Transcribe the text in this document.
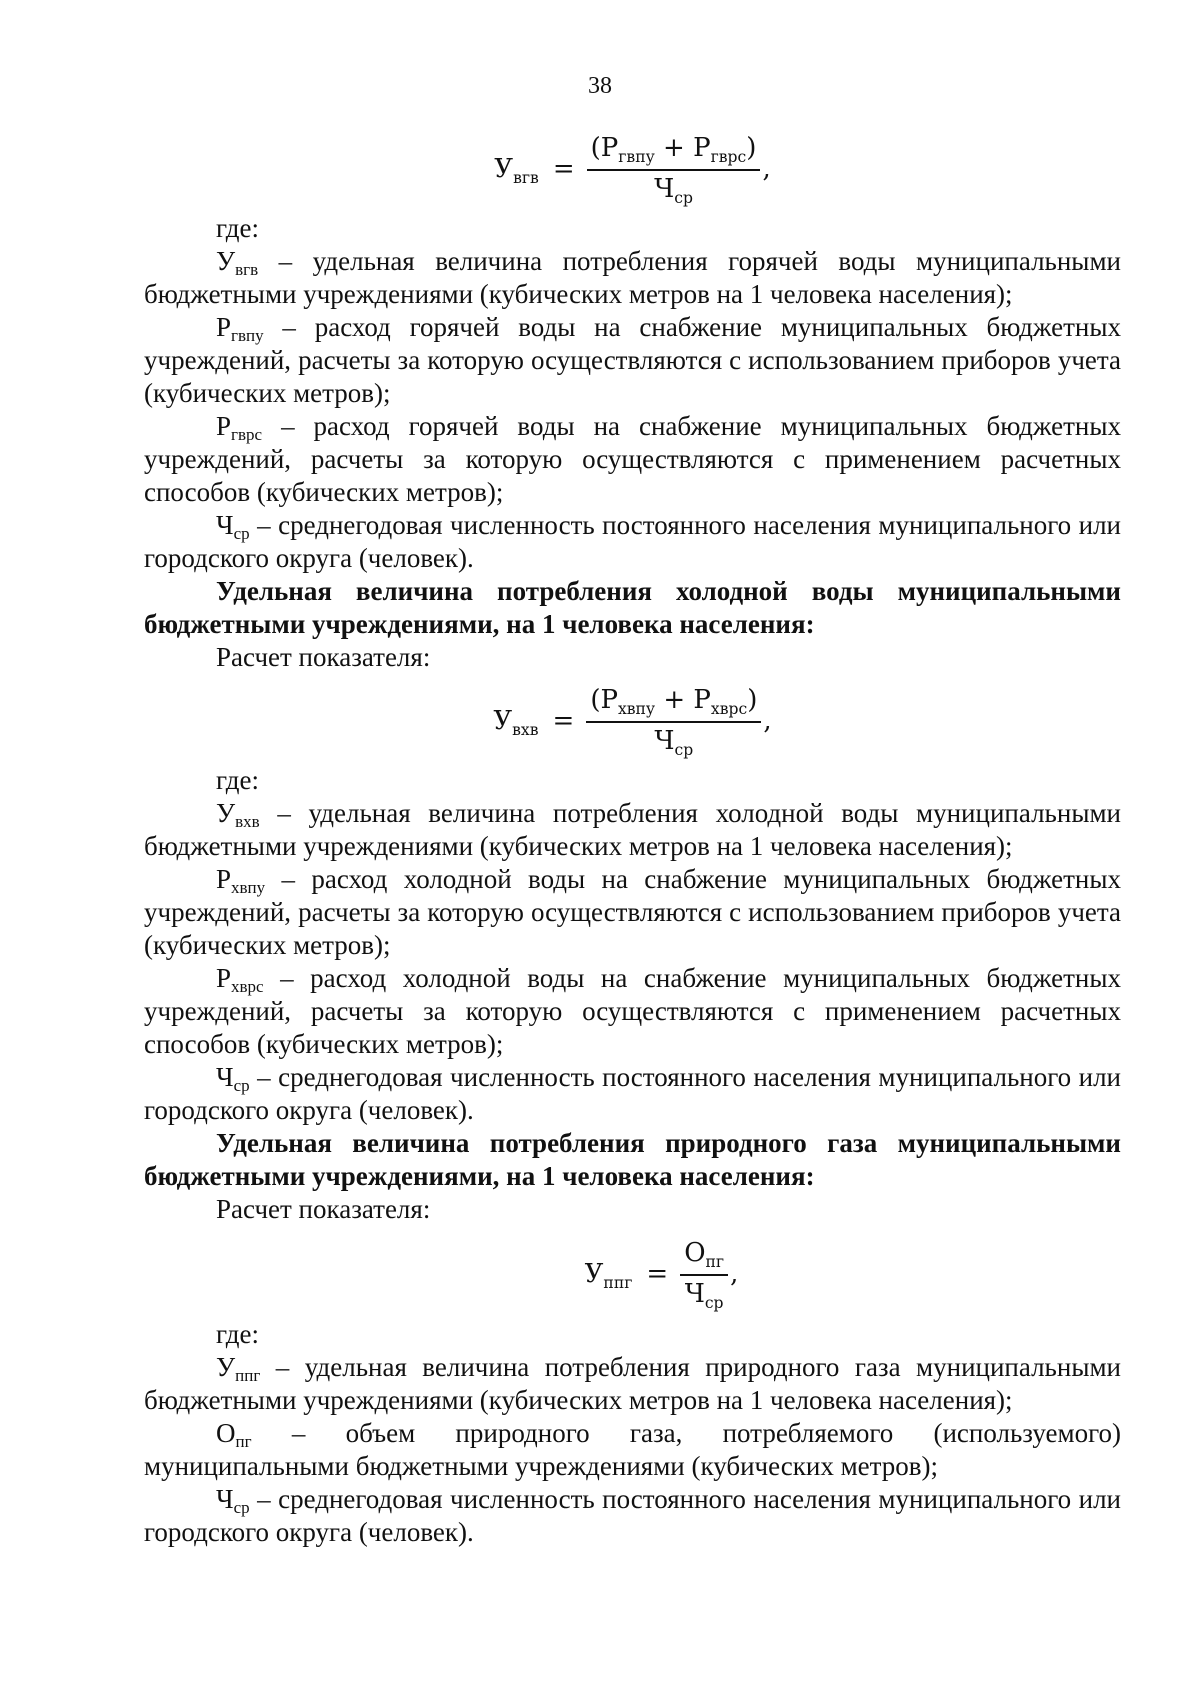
38
$У_{вгв} = \frac{(Р_{гвпу} + Р_{гврс})}{Ч_{ср}}$ ,
где:
$У_{вгв}$ – удельная величина потребления горячей воды муниципальными бюджетными учреждениями (кубических метров на 1 человека населения);
$Р_{гвпу}$ – расход горячей воды на снабжение муниципальных бюджетных учреждений, расчеты за которую осуществляются с использованием приборов учета (кубических метров);
$Р_{гврс}$ – расход горячей воды на снабжение муниципальных бюджетных учреждений, расчеты за которую осуществляются с применением расчетных способов (кубических метров);
$Ч_{ср}$ – среднегодовая численность постоянного населения муниципального или городского округа (человек).
Удельная величина потребления холодной воды муниципальными бюджетными учреждениями, на 1 человека населения:
Расчет показателя:
$У_{вхв} = \frac{(Р_{хвпу} + Р_{хврс})}{Ч_{ср}}$ ,
где:
$У_{вхв}$ – удельная величина потребления холодной воды муниципальными бюджетными учреждениями (кубических метров на 1 человека населения);
$Р_{хвпу}$ – расход холодной воды на снабжение муниципальных бюджетных учреждений, расчеты за которую осуществляются с использованием приборов учета (кубических метров);
$Р_{хврс}$ – расход холодной воды на снабжение муниципальных бюджетных учреждений, расчеты за которую осуществляются с применением расчетных способов (кубических метров);
$Ч_{ср}$ – среднегодовая численность постоянного населения муниципального или городского округа (человек).
Удельная величина потребления природного газа муниципальными бюджетными учреждениями, на 1 человека населения:
Расчет показателя:
$У_{ппг} = \frac{O_{пг}}{Ч_{ср}}$ ,
где:
$У_{ппг}$ – удельная величина потребления природного газа муниципальными бюджетными учреждениями (кубических метров на 1 человека населения);
$О_{пг}$ – объем природного газа, потребляемого (используемого) муниципальными бюджетными учреждениями (кубических метров);
$Ч_{ср}$ – среднегодовая численность постоянного населения муниципального или городского округа (человек).
